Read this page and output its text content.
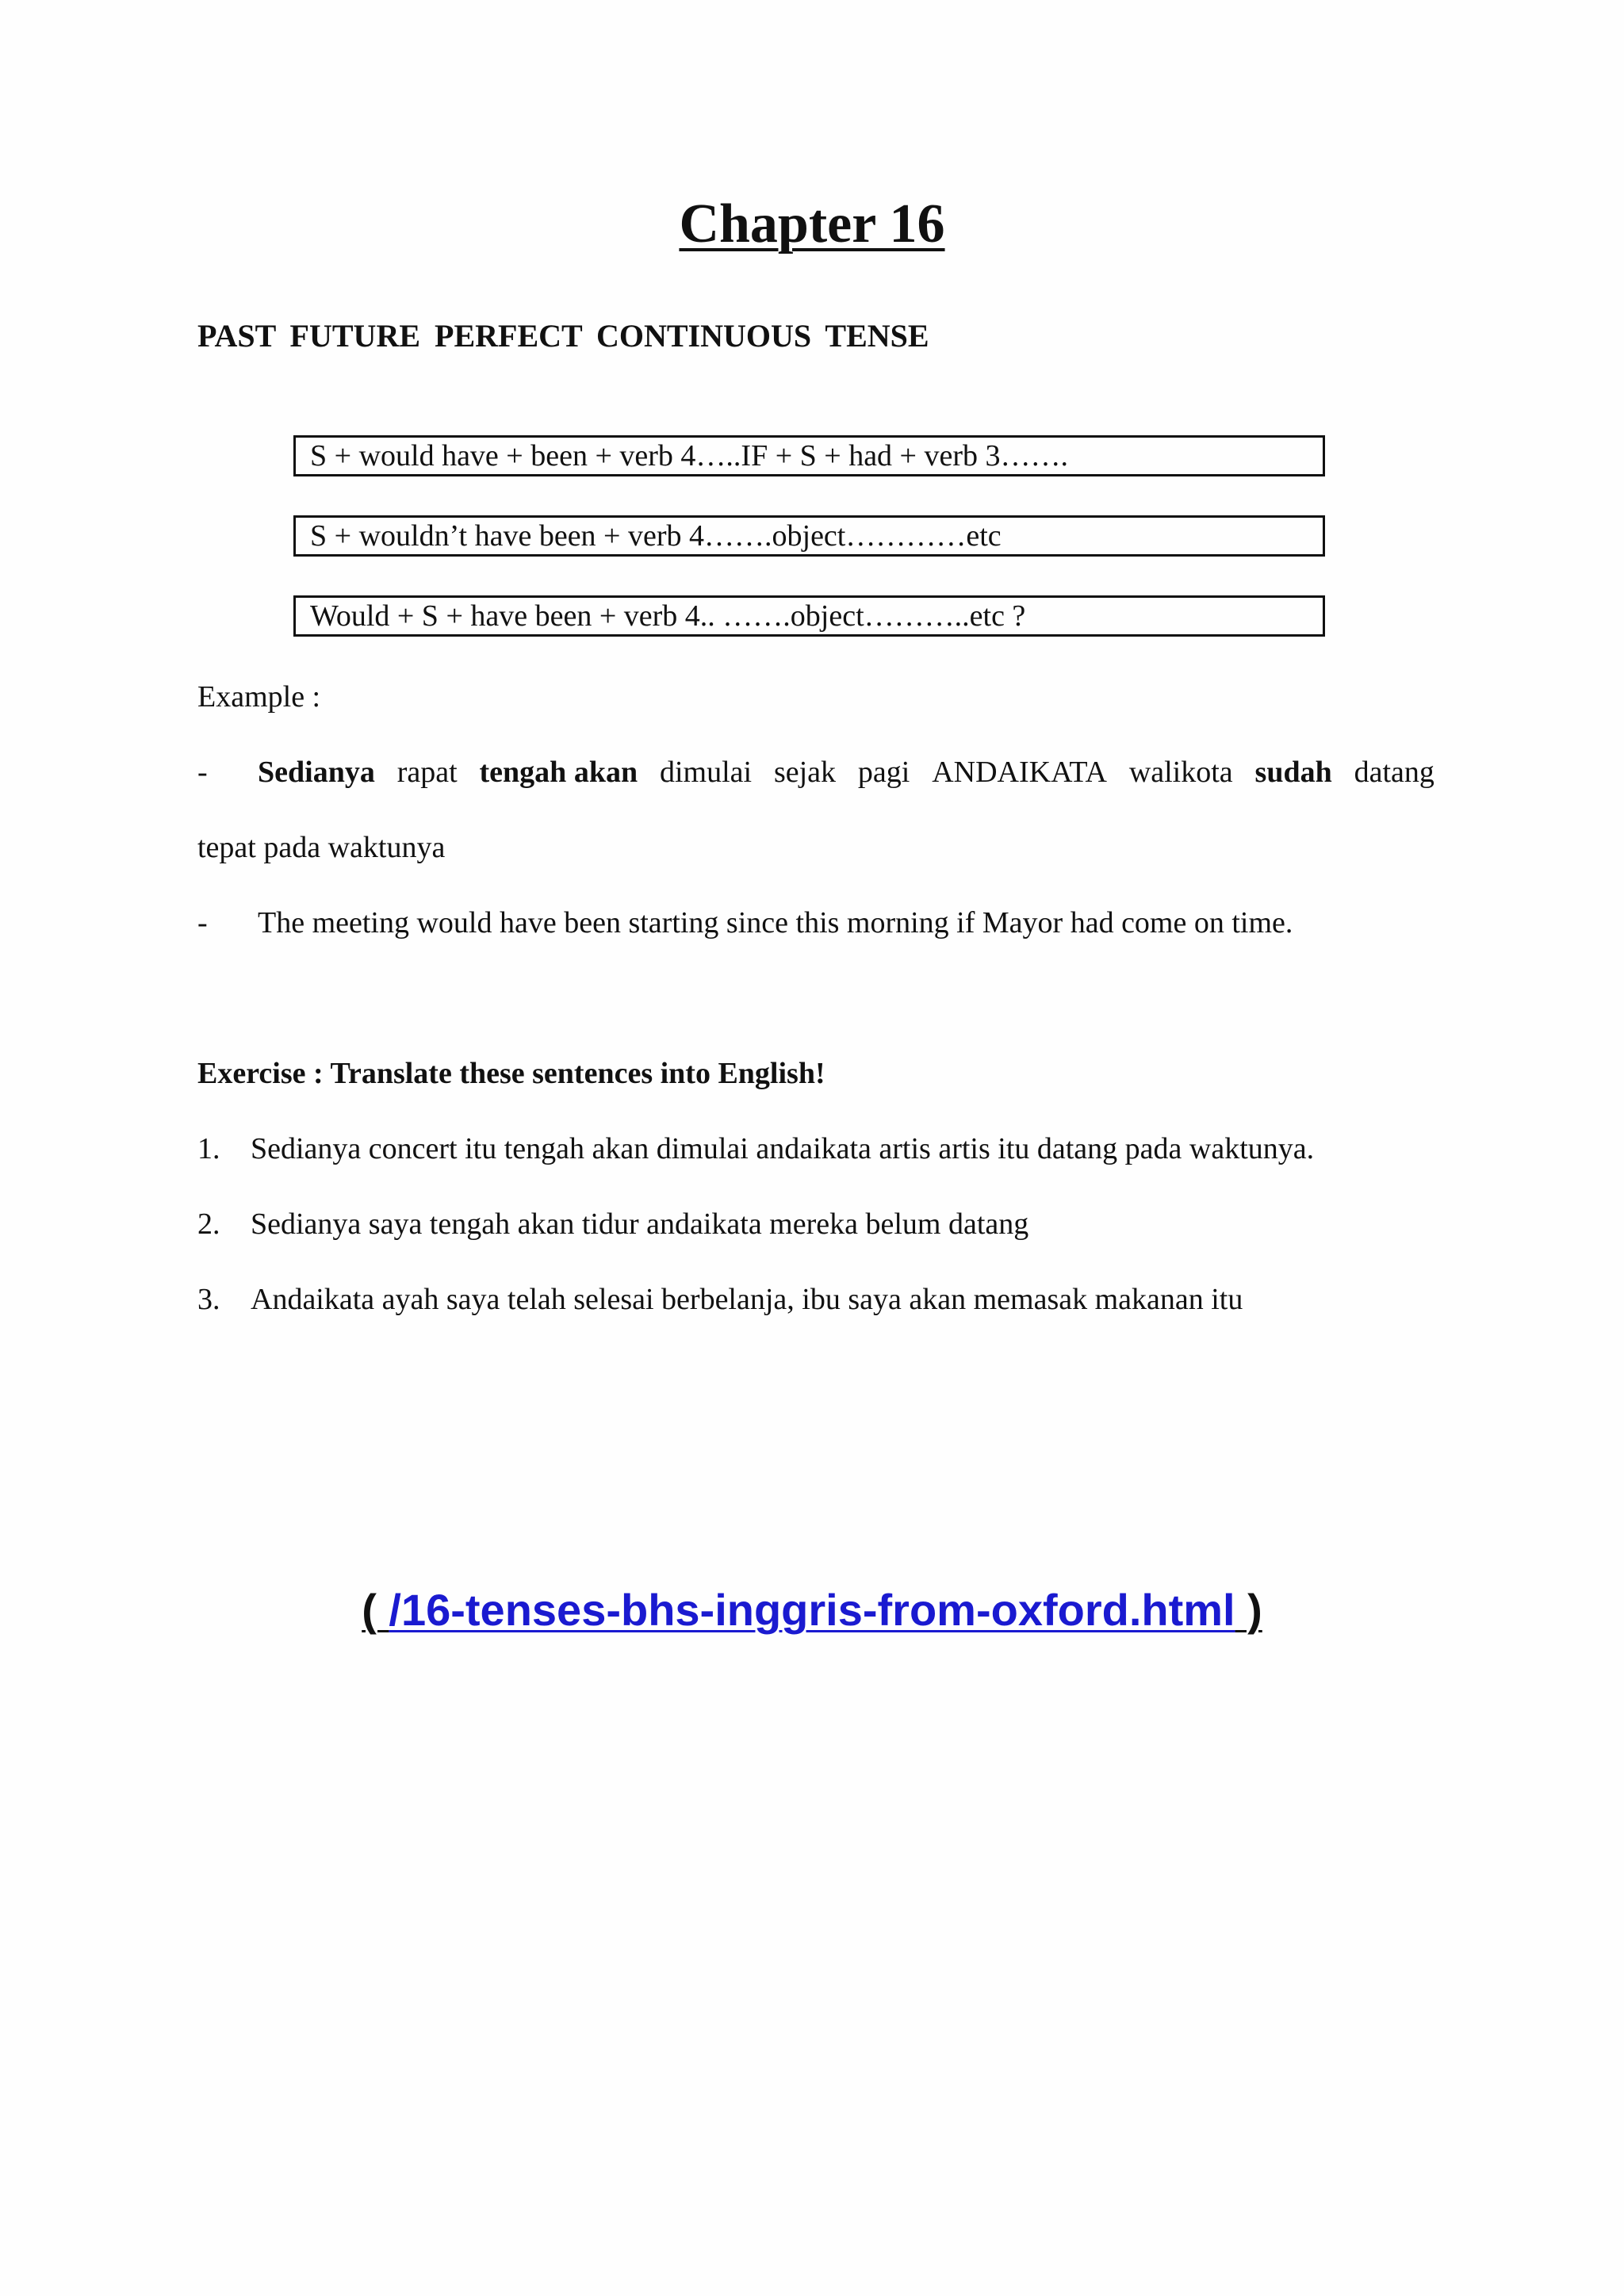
Chapter 16
PAST FUTURE PERFECT CONTINUOUS TENSE
S + would have + been + verb 4…..IF + S + had + verb 3…….
S + wouldn’t have been + verb 4…….object…………etc
Would + S + have been + verb 4.. …….object………..etc ?
Example :
- Sedianya rapat tengah akan dimulai sejak pagi ANDAIKATA walikota sudah datang
tepat pada waktunya
- The meeting would have been starting since this morning if Mayor had come on time.
Exercise : Translate these sentences into English!
1. Sedianya concert itu tengah akan dimulai andaikata artis artis itu datang pada waktunya.
2. Sedianya saya tengah akan tidur andaikata mereka belum datang
3. Andaikata ayah saya telah selesai berbelanja, ibu saya akan memasak makanan itu
( /16-tenses-bhs-inggris-from-oxford.html )
